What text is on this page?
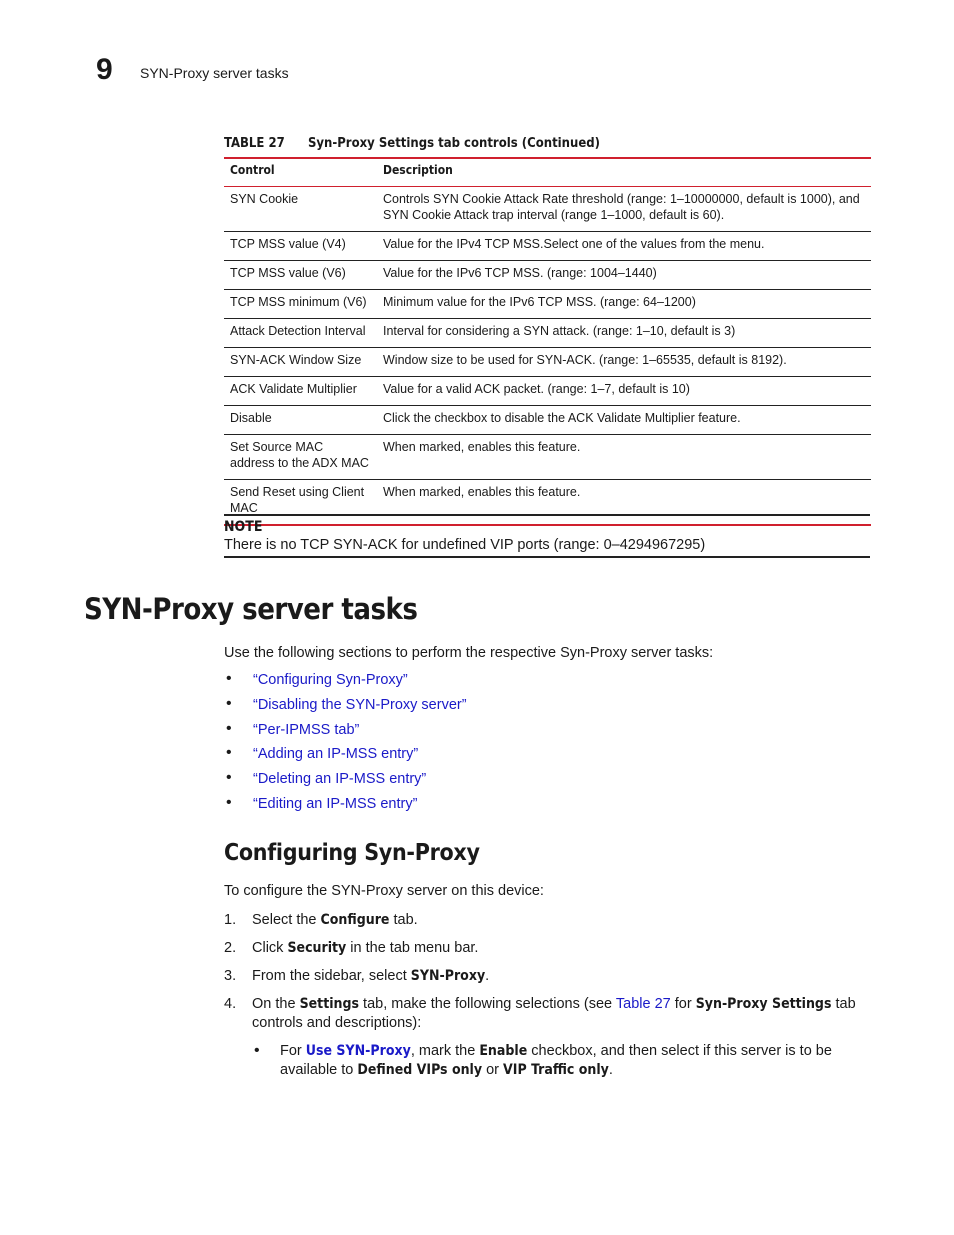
9 SYN-Proxy server tasks
TABLE 27 Syn-Proxy Settings tab controls (Continued)
Control	Description
SYN Cookie	Controls SYN Cookie Attack Rate threshold (range: 1–10000000, default is 1000), and SYN Cookie Attack trap interval (range 1–1000, default is 60).
TCP MSS value (V4)	Value for the IPv4 TCP MSS.Select one of the values from the menu.
TCP MSS value (V6)	Value for the IPv6 TCP MSS. (range: 1004–1440)
TCP MSS minimum (V6)	Minimum value for the IPv6 TCP MSS. (range: 64–1200)
Attack Detection Interval	Interval for considering a SYN attack. (range: 1–10, default is 3)
SYN-ACK Window Size	Window size to be used for SYN-ACK. (range: 1–65535, default is 8192).
ACK Validate Multiplier	Value for a valid ACK packet. (range: 1–7, default is 10)
Disable	Click the checkbox to disable the ACK Validate Multiplier feature.
Set Source MAC address to the ADX MAC	When marked, enables this feature.
Send Reset using Client MAC	When marked, enables this feature.
NOTE
There is no TCP SYN-ACK for undefined VIP ports (range: 0–4294967295)
SYN-Proxy server tasks
Use the following sections to perform the respective Syn-Proxy server tasks:
• “Configuring Syn-Proxy”
• “Disabling the SYN-Proxy server”
• “Per-IPMSS tab”
• “Adding an IP-MSS entry”
• “Deleting an IP-MSS entry”
• “Editing an IP-MSS entry”
Configuring Syn-Proxy
To configure the SYN-Proxy server on this device:
1. Select the Configure tab.
2. Click Security in the tab menu bar.
3. From the sidebar, select SYN-Proxy.
4. On the Settings tab, make the following selections (see Table 27 for Syn-Proxy Settings tab controls and descriptions):
• For Use SYN-Proxy, mark the Enable checkbox, and then select if this server is to be available to Defined VIPs only or VIP Traffic only.
